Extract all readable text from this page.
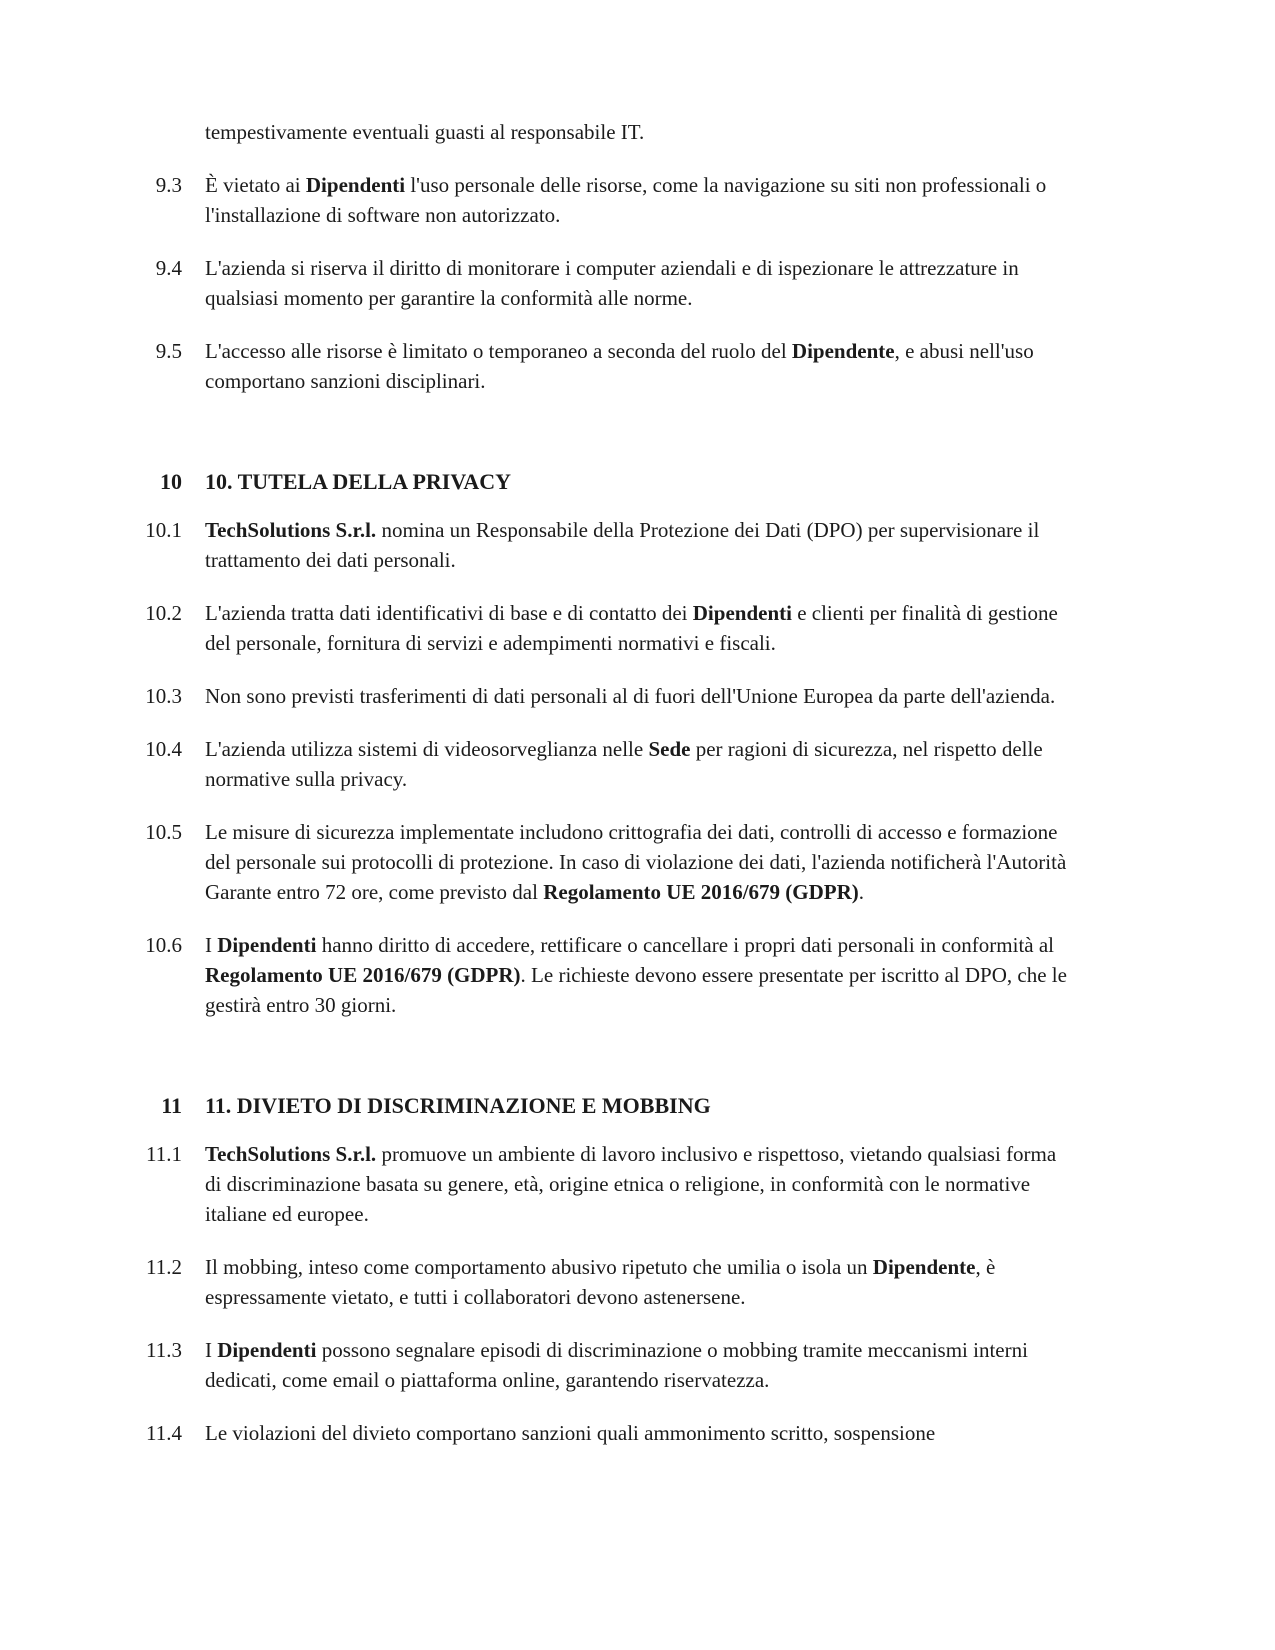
tempestivamente eventuali guasti al responsabile IT.
9.3	È vietato ai Dipendenti l'uso personale delle risorse, come la navigazione su siti non professionali o l'installazione di software non autorizzato.
9.4	L'azienda si riserva il diritto di monitorare i computer aziendali e di ispezionare le attrezzature in qualsiasi momento per garantire la conformità alle norme.
9.5	L'accesso alle risorse è limitato o temporaneo a seconda del ruolo del Dipendente, e abusi nell'uso comportano sanzioni disciplinari.
10	10. TUTELA DELLA PRIVACY
10.1	TechSolutions S.r.l. nomina un Responsabile della Protezione dei Dati (DPO) per supervisionare il trattamento dei dati personali.
10.2	L'azienda tratta dati identificativi di base e di contatto dei Dipendenti e clienti per finalità di gestione del personale, fornitura di servizi e adempimenti normativi e fiscali.
10.3	Non sono previsti trasferimenti di dati personali al di fuori dell'Unione Europea da parte dell'azienda.
10.4	L'azienda utilizza sistemi di videosorveglianza nelle Sede per ragioni di sicurezza, nel rispetto delle normative sulla privacy.
10.5	Le misure di sicurezza implementate includono crittografia dei dati, controlli di accesso e formazione del personale sui protocolli di protezione. In caso di violazione dei dati, l'azienda notificherà l'Autorità Garante entro 72 ore, come previsto dal Regolamento UE 2016/679 (GDPR).
10.6	I Dipendenti hanno diritto di accedere, rettificare o cancellare i propri dati personali in conformità al Regolamento UE 2016/679 (GDPR). Le richieste devono essere presentate per iscritto al DPO, che le gestirà entro 30 giorni.
11	11. DIVIETO DI DISCRIMINAZIONE E MOBBING
11.1	TechSolutions S.r.l. promuove un ambiente di lavoro inclusivo e rispettoso, vietando qualsiasi forma di discriminazione basata su genere, età, origine etnica o religione, in conformità con le normative italiane ed europee.
11.2	Il mobbing, inteso come comportamento abusivo ripetuto che umilia o isola un Dipendente, è espressamente vietato, e tutti i collaboratori devono astenersene.
11.3	I Dipendenti possono segnalare episodi di discriminazione o mobbing tramite meccanismi interni dedicati, come email o piattaforma online, garantendo riservatezza.
11.4	Le violazioni del divieto comportano sanzioni quali ammonimento scritto, sospensione
